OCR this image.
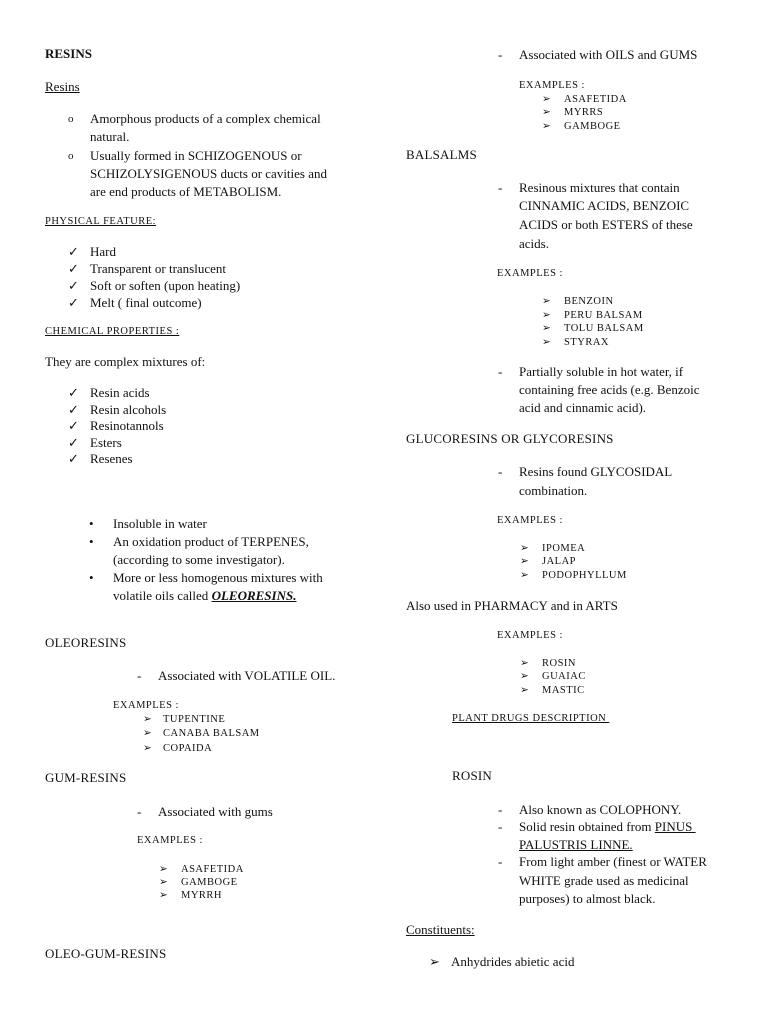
RESINS
Resins
o Amorphous products of a complex chemical
natural.
o Usually formed in SCHIZOGENOUS or
SCHIZOLYSIGENOUS ducts or cavities and
are end products of METABOLISM.
PHYSICAL FEATURE:
✓ Hard
✓ Transparent or translucent
✓ Soft or soften (upon heating)
✓ Melt ( final outcome)
CHEMICAL PROPERTIES :
They are complex mixtures of:
✓ Resin acids
✓ Resin alcohols
✓ Resinotannols
✓ Esters
✓ Resenes
• Insoluble in water
• An oxidation product of TERPENES,
(according to some investigator).
• More or less homogenous mixtures with
volatile oils called OLEORESINS.
OLEORESINS
- Associated with VOLATILE OIL.
EXAMPLES :
➢ TUPENTINE
➢ CANABA BALSAM
➢ COPAIDA
GUM-RESINS
- Associated with gums
EXAMPLES :
➢ ASAFETIDA
➢ GAMBOGE
➢ MYRRH
OLEO-GUM-RESINS
- Associated with OILS and GUMS
EXAMPLES :
➢ ASAFETIDA
➢ MYRRS
➢ GAMBOGE
BALSALMS
- Resinous mixtures that contain
CINNAMIC ACIDS, BENZOIC
ACIDS or both ESTERS of these
acids.
EXAMPLES :
➢ BENZOIN
➢ PERU BALSAM
➢ TOLU BALSAM
➢ STYRAX
- Partially soluble in hot water, if
containing free acids (e.g. Benzoic
acid and cinnamic acid).
GLUCORESINS OR GLYCORESINS
- Resins found GLYCOSIDAL
combination.
EXAMPLES :
➢ IPOMEA
➢ JALAP
➢ PODOPHYLLUM
Also used in PHARMACY and in ARTS
EXAMPLES :
➢ ROSIN
➢ GUAIAC
➢ MASTIC
PLANT DRUGS DESCRIPTION
ROSIN
- Also known as COLOPHONY.
- Solid resin obtained from PINUS
PALUSTRIS LINNE.
- From light amber (finest or WATER
WHITE grade used as medicinal
purposes) to almost black.
Constituents:
➢ Anhydrides abietic acid
